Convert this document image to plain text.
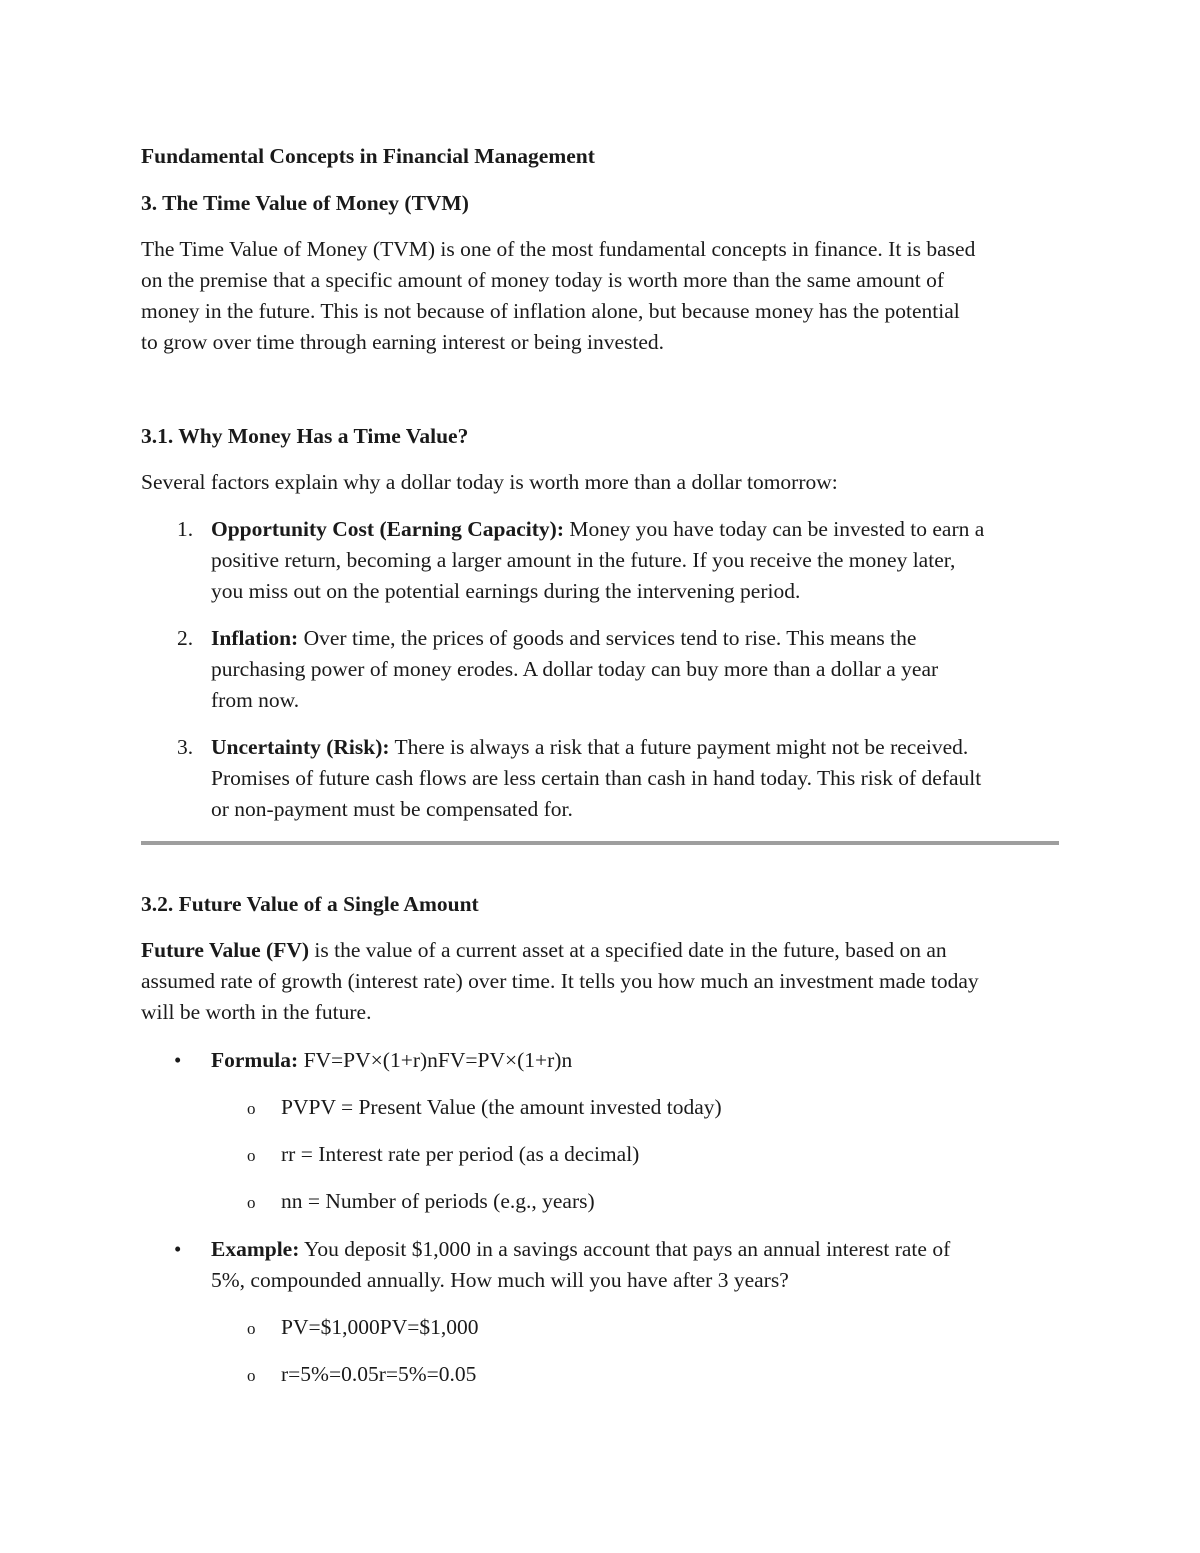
Fundamental Concepts in Financial Management
3. The Time Value of Money (TVM)
The Time Value of Money (TVM) is one of the most fundamental concepts in finance. It is based
on the premise that a specific amount of money today is worth more than the same amount of
money in the future. This is not because of inflation alone, but because money has the potential
to grow over time through earning interest or being invested.
3.1. Why Money Has a Time Value?
Several factors explain why a dollar today is worth more than a dollar tomorrow:
1. Opportunity Cost (Earning Capacity): Money you have today can be invested to earn a
positive return, becoming a larger amount in the future. If you receive the money later,
you miss out on the potential earnings during the intervening period.
2. Inflation: Over time, the prices of goods and services tend to rise. This means the
purchasing power of money erodes. A dollar today can buy more than a dollar a year
from now.
3. Uncertainty (Risk): There is always a risk that a future payment might not be received.
Promises of future cash flows are less certain than cash in hand today. This risk of default
or non-payment must be compensated for.
3.2. Future Value of a Single Amount
Future Value (FV) is the value of a current asset at a specified date in the future, based on an
assumed rate of growth (interest rate) over time. It tells you how much an investment made today
will be worth in the future.
• Formula: FV=PV×(1+r)nFV=PV×(1+r)n
o PVPV = Present Value (the amount invested today)
o rr = Interest rate per period (as a decimal)
o nn = Number of periods (e.g., years)
• Example: You deposit $1,000 in a savings account that pays an annual interest rate of
5%, compounded annually. How much will you have after 3 years?
o PV=$1,000PV=$1,000
o r=5%=0.05r=5%=0.05
